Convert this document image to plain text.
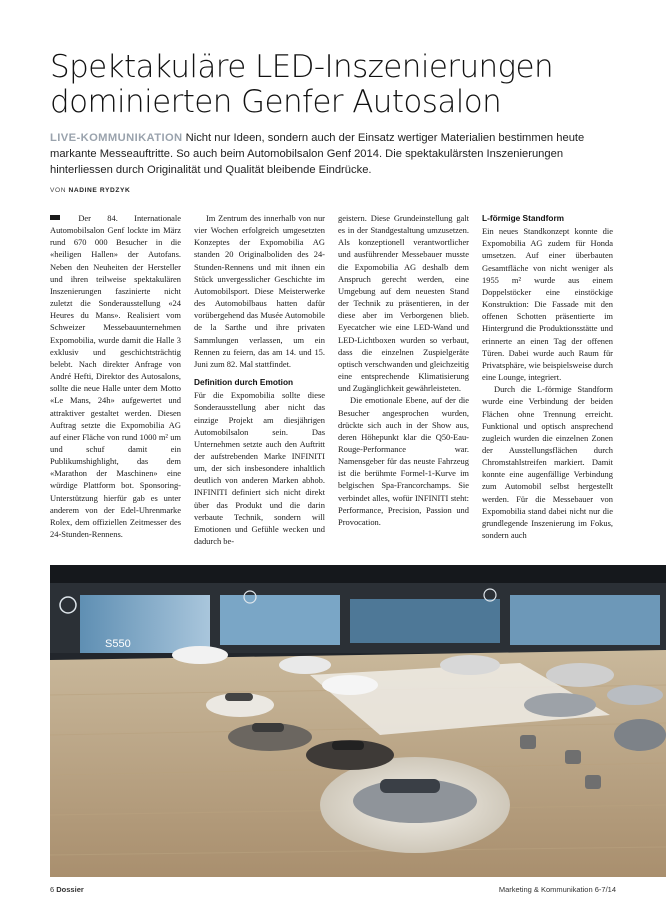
Spektakuläre LED-Inszenierungen
dominierten Genfer Autosalon
LIVE-KOMMUNIKATION Nicht nur Ideen, sondern auch der Einsatz wertiger Materialien bestimmen heute markante Messeauftritte. So auch beim Automobilsalon Genf 2014. Die spektakulärsten Inszenierungen hinterliessen durch Originalität und Qualität bleibende Eindrücke.
VON NADINE RYDZYK

Der 84. Internationale Automobilsalon Genf lockte im März rund 670 000 Besucher in die «heiligen Hallen» der Autofans. Neben den Neuheiten der Hersteller und ihren teilweise spektakulären Inszenierungen faszinierte nicht zuletzt die Sonderausstellung «24 Heures du Mans». Realisiert vom Schweizer Messebauunternehmen Expomobilia, wurde damit die Halle 3 exklusiv und geschichtsträchtig belebt. Nach direkter Anfrage von André Hefti, Direktor des Autosalons, sollte die neue Halle unter dem Motto «Le Mans, 24h» aufgewertet und attraktiver gestaltet werden. Diesen Auftrag setzte die Expomobilia AG auf einer Fläche von rund 1000 m² um und schuf damit ein Publikumshighlight, das dem «Marathon der Maschinen» eine würdige Plattform bot. Sponsoring-Unterstützung hierfür gab es unter anderem von der Edel-Uhrenmarke Rolex, dem offiziellen Zeitmesser des 24-Stunden-Rennens.

Im Zentrum des innerhalb von nur vier Wochen erfolgreich umgesetzten Konzeptes der Expomobilia AG standen 20 Originalboliden des 24-Stunden-Rennens und mit ihnen ein Stück unvergesslicher Geschichte im Automobilsport. Diese Meisterwerke des Automobilbaus hatten dafür vorübergehend das Musée Automobile de la Sarthe und ihre privaten Sammlungen verlassen, um ein Rennen zu feiern, das am 14. und 15. Juni zum 82. Mal stattfindet.

Definition durch Emotion

Für die Expomobilia sollte diese Sonderausstellung aber nicht das einzige Projekt am diesjährigen Automobilsalon sein. Das Unternehmen setzte auch den Auftritt der aufstrebenden Marke INFINITI um, der sich insbesondere inhaltlich deutlich von anderen Marken abhob. INFINITI definiert sich nicht direkt über das Produkt und die darin verbaute Technik, sondern will Emotionen und Gefühle wecken und dadurch be-

geistern. Diese Grundeinstellung galt es in der Standgestaltung umzusetzen. Als konzeptionell verantwortlicher und ausführender Messebauer musste die Expomobilia AG deshalb dem Anspruch gerecht werden, eine Umgebung auf dem neuesten Stand der Technik zu präsentieren, in der diese aber im Verborgenen blieb. Eyecatcher wie eine LED-Wand und LED-Lichtboxen wurden so verbaut, dass die einzelnen Zuspielgeräte optisch verschwanden und gleichzeitig eine entsprechende Klimatisierung und Zugänglichkeit gewährleisteten.

Die emotionale Ebene, auf der die Besucher angesprochen wurden, drückte sich auch in der Show aus, deren Höhepunkt klar die Q50-Eau-Rouge-Performance war. Namensgeber für das neuste Fahrzeug ist die berühmte Formel-1-Kurve im belgischen Spa-Francorchamps. Sie verbindet alles, wofür INFINITI steht: Performance, Precision, Passion und Provocation.

L-förmige Standform

Ein neues Standkonzept konnte die Expomobilia AG zudem für Honda umsetzen. Auf einer überbauten Gesamtfläche von nicht weniger als 1955 m² wurde aus einem Doppelstöcker eine einstöckige Konstruktion: Die Fassade mit den offenen Schotten präsentierte im Hintergrund die Produktionsstätte und erinnerte an einen Tag der offenen Türen. Dabei wurde auch Raum für Privatsphäre, wie beispielsweise durch eine Lounge, integriert.

Durch die L-förmige Standform wurde eine Verbindung der beiden Flächen ohne Trennung erreicht. Funktional und optisch ansprechend zugleich wurden die einzelnen Zonen der Ausstellungsflächen durch Chromstahlstreifen markiert. Damit konnte eine augenfällige Verbindung zum Automobil selbst hergestellt werden. Für die Messebauer von Expomobilia stand dabei nicht nur die grundlegende Inszenierung im Fokus, sondern auch

S550
6 Dossier	Marketing & Kommunikation 6-7/14
